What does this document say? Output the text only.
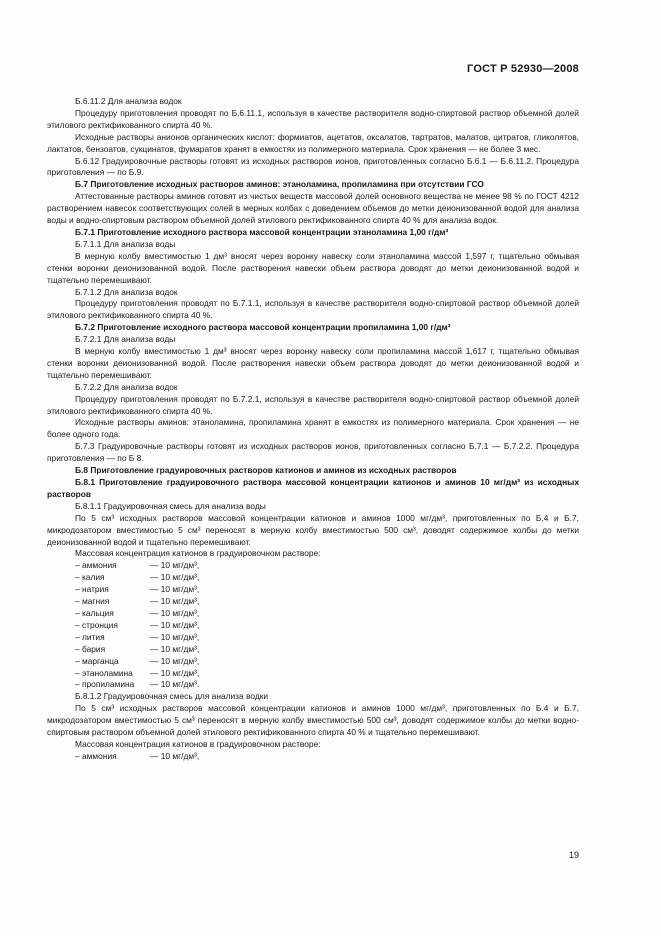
ГОСТ Р 52930—2008

Б.6.11.2 Для анализа водок

Процедуру приготовления проводят по Б.6.11.1, используя в качестве растворителя водно-спиртовой раствор объемной долей этилового ректификованного спирта 40 %.

Исходные растворы анионов органических кислот: формиатов, ацетатов, оксалатов, тартратов, малатов, цитратов, гликолятов, лактатов, бензоатов, сукцинатов, фумаратов хранят в емкостях из полимерного материала. Срок хранения — не более 3 мес.

Б.6.12 Градуировочные растворы готовят из исходных растворов ионов, приготовленных согласно Б.6.1 — Б.6.11.2. Процедура приготовления — по Б.9.

Б.7 Приготовление исходных растворов аминов: этаноламина, пропиламина при отсутствии ГСО

Аттестованные растворы аминов готовят из чистых веществ массовой долей основного вещества не менее 98 % по ГОСТ 4212 растворением навесок соответствующих солей в мерных колбах с доведением объемов до метки деионизованной водой для анализа воды и водно-спиртовым раствором объемной долей этилового ректификованного спирта 40 % для анализа водок.

Б.7.1 Приготовление исходного раствора массовой концентрации этаноламина 1,00 г/дм³

Б.7.1.1 Для анализа воды

В мерную колбу вместимостью 1 дм³ вносят через воронку навеску соли этаноламина массой 1,597 г, тщательно обмывая стенки воронки деионизованной водой. После растворения навески объем раствора доводят до метки деионизованной водой и тщательно перемешивают.

Б.7.1.2 Для анализа водок

Процедуру приготовления проводят по Б.7.1.1, используя в качестве растворителя водно-спиртовой раствор объемной долей этилового ректификованного спирта 40 %.

Б.7.2 Приготовление исходного раствора массовой концентрации пропиламина 1,00 г/дм³

Б.7.2.1 Для анализа воды

В мерную колбу вместимостью 1 дм³ вносят через воронку навеску соли пропиламина массой 1,617 г, тщательно обмывая стенки воронки деионизованной водой. После растворения навески объем раствора доводят до метки деионизованной водой и тщательно перемешивают.

Б.7.2.2 Для анализа водок

Процедуру приготовления проводят по Б.7.2.1, используя в качестве растворителя водно-спиртовой раствор объемной долей этилового ректификованного спирта 40 %.

Исходные растворы аминов: этаноламина, пропиламина хранят в емкостях из полимерного материала. Срок хранения — не более одного года.

Б.7.3 Градуировочные растворы готовят из исходных растворов ионов, приготовленных согласно Б.7.1 — Б.7.2.2. Процедура приготовления — по Б 8.

Б.8 Приготовление градуировочных растворов катионов и аминов из исходных растворов

Б.8.1 Приготовление градуировочного раствора массовой концентрации катионов и аминов 10 мг/дм³ из исходных растворов

Б.8.1.1 Градуировочная смесь для анализа воды

По 5 см³ исходных растворов массовой концентрации катионов и аминов 1000 мг/дм³, приготовленных по Б.4 и Б.7, микродозатором вместимостью 5 см³ переносят в мерную колбу вместимостью 500 см³, доводят содержимое колбы до метки деионизованной водой и тщательно перемешивают.

Массовая концентрация катионов в градуировочном растворе:

– аммония	— 10 мг/дм³,
– калия	— 10 мг/дм³,
– натрия	— 10 мг/дм³,
– магния	— 10 мг/дм³,
– кальция	— 10 мг/дм³,
– стронция	— 10 мг/дм³,
– лития	— 10 мг/дм³,
– бария	— 10 мг/дм³,
– марганца	— 10 мг/дм³,
– этаноламина — 10 мг/дм³,
– пропиламина — 10 мг/дм³.

Б.8.1.2 Градуировочная смесь для анализа водки

По 5 см³ исходных растворов массовой концентрации катионов и аминов 1000 мг/дм³, приготовленных по Б.4 и Б.7, микродозатором вместимостью 5 см³ переносят в мерную колбу вместимостью 500 см³, доводят содержимое колбы до метки водно-спиртовым раствором объемной долей этилового ректификованного спирта 40 % и тщательно перемешивают.

Массовая концентрация катионов в градуировочном растворе:

– аммония	— 10 мг/дм³,
19
